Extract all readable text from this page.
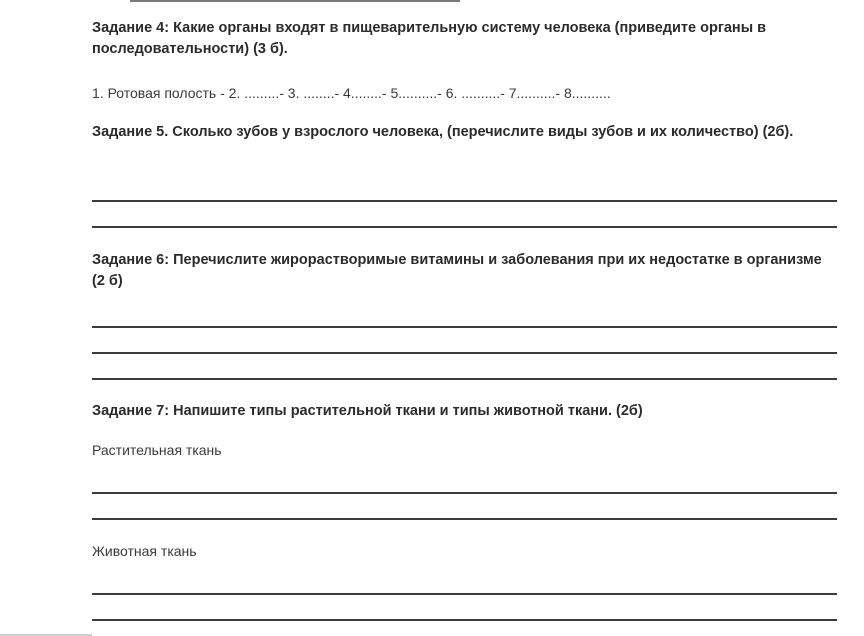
Задание 4: Какие органы входят в пищеварительную систему человека (приведите органы в последовательности) (3 б).
1. Ротовая полость - 2. .........- 3. ........- 4........- 5..........- 6. ..........- 7..........- 8..........
Задание 5. Сколько зубов у взрослого человека, (перечислите виды зубов и их количество) (2б).
Задание 6: Перечислите жирорастворимые витамины и заболевания при их недостатке в организме (2 б)
Задание 7: Напишите типы растительной ткани и типы животной ткани. (2б)
Растительная ткань
Животная ткань
